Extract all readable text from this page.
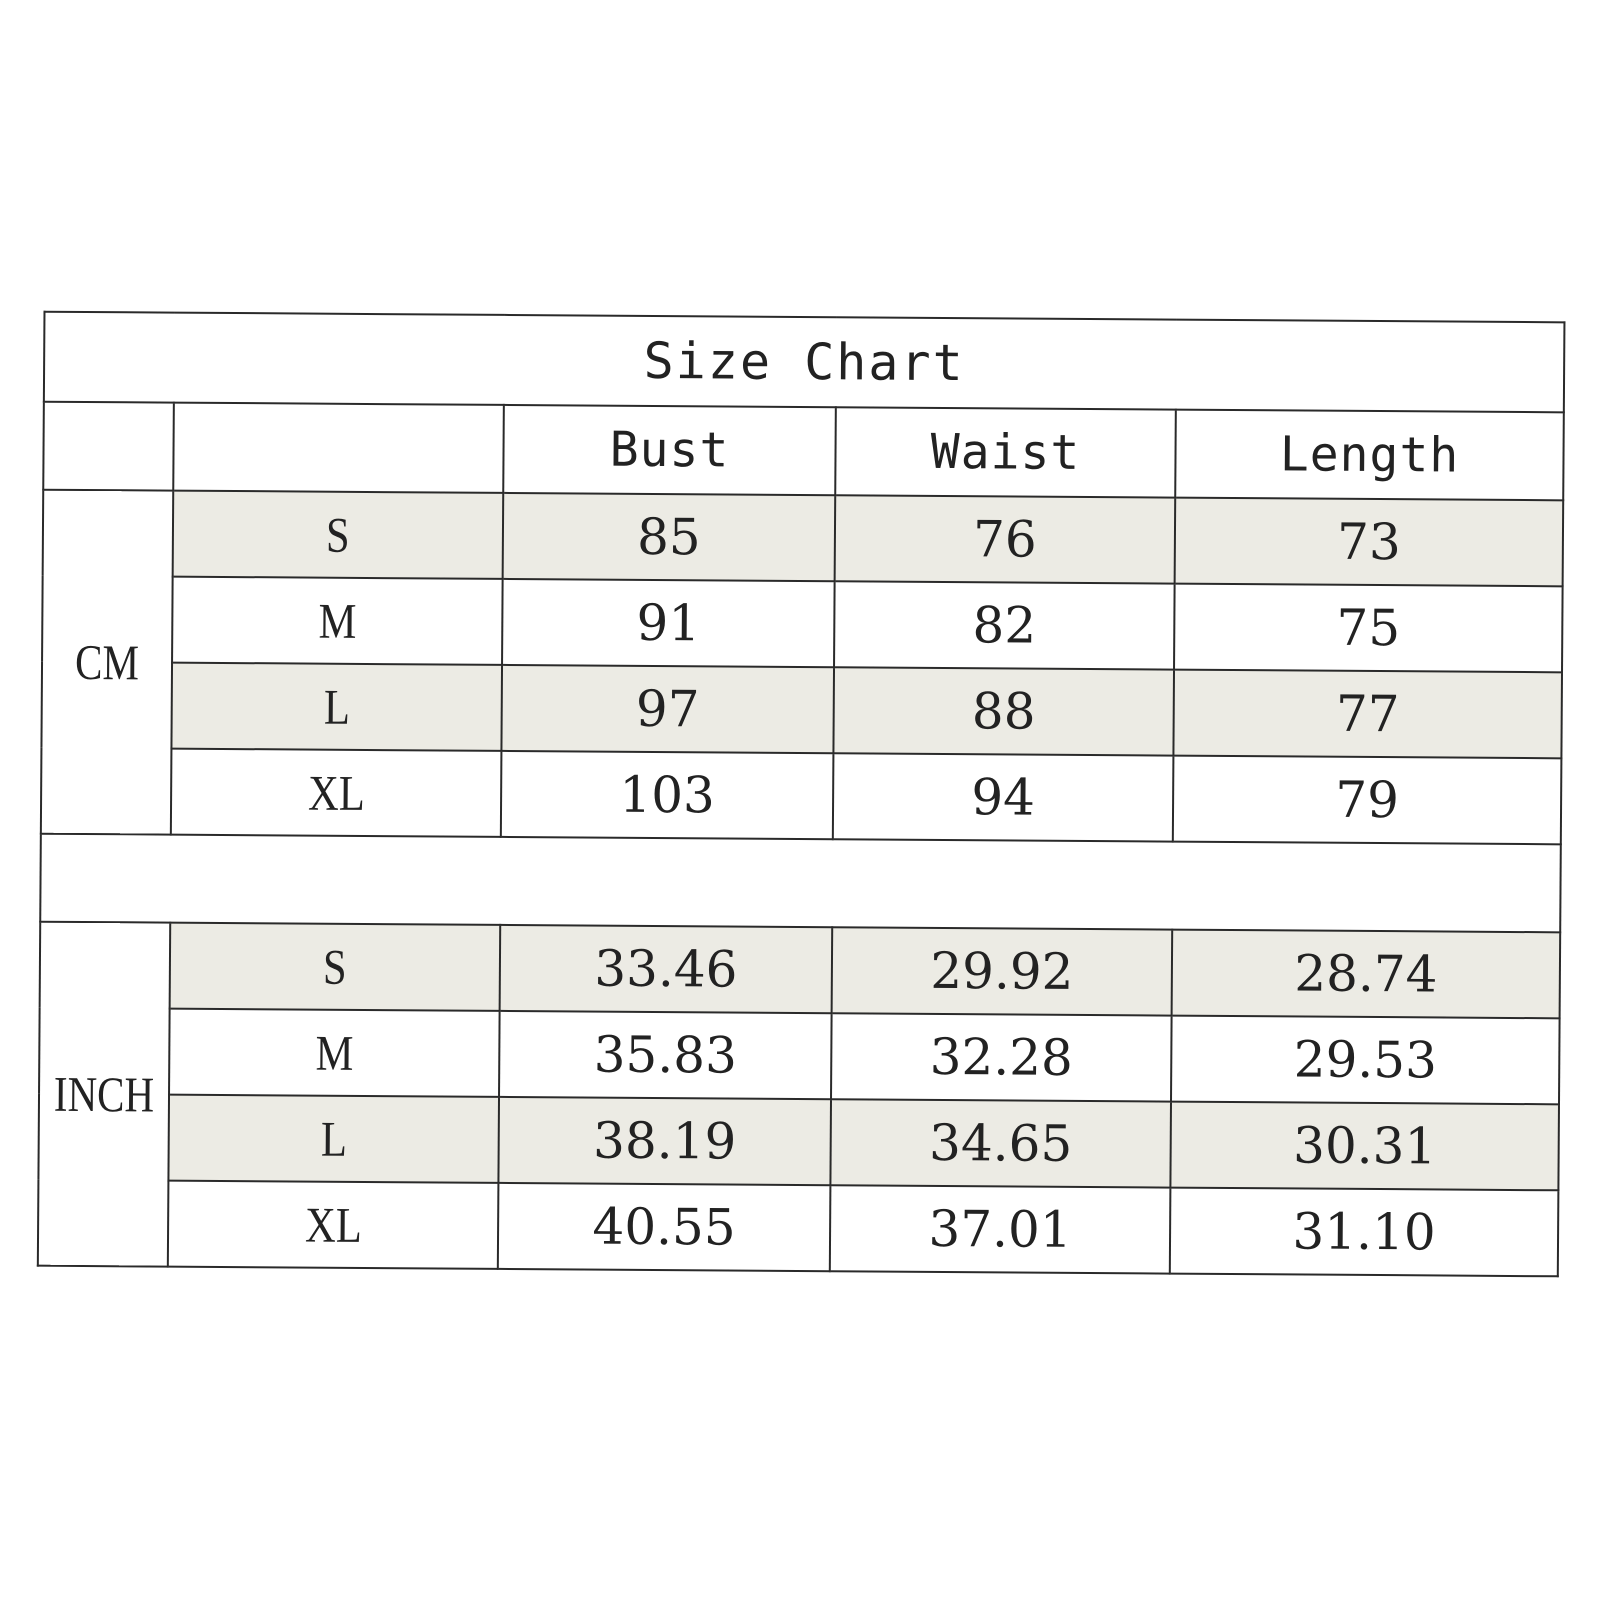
Size Chart				
		Bust	Waist	Length
CM	S	85	76	73
	M	91	82	75
	L	97	88	77
	XL	103	94	79

INCH	S	33.46	29.92	28.74
	M	35.83	32.28	29.53
	L	38.19	34.65	30.31
	XL	40.55	37.01	31.10
